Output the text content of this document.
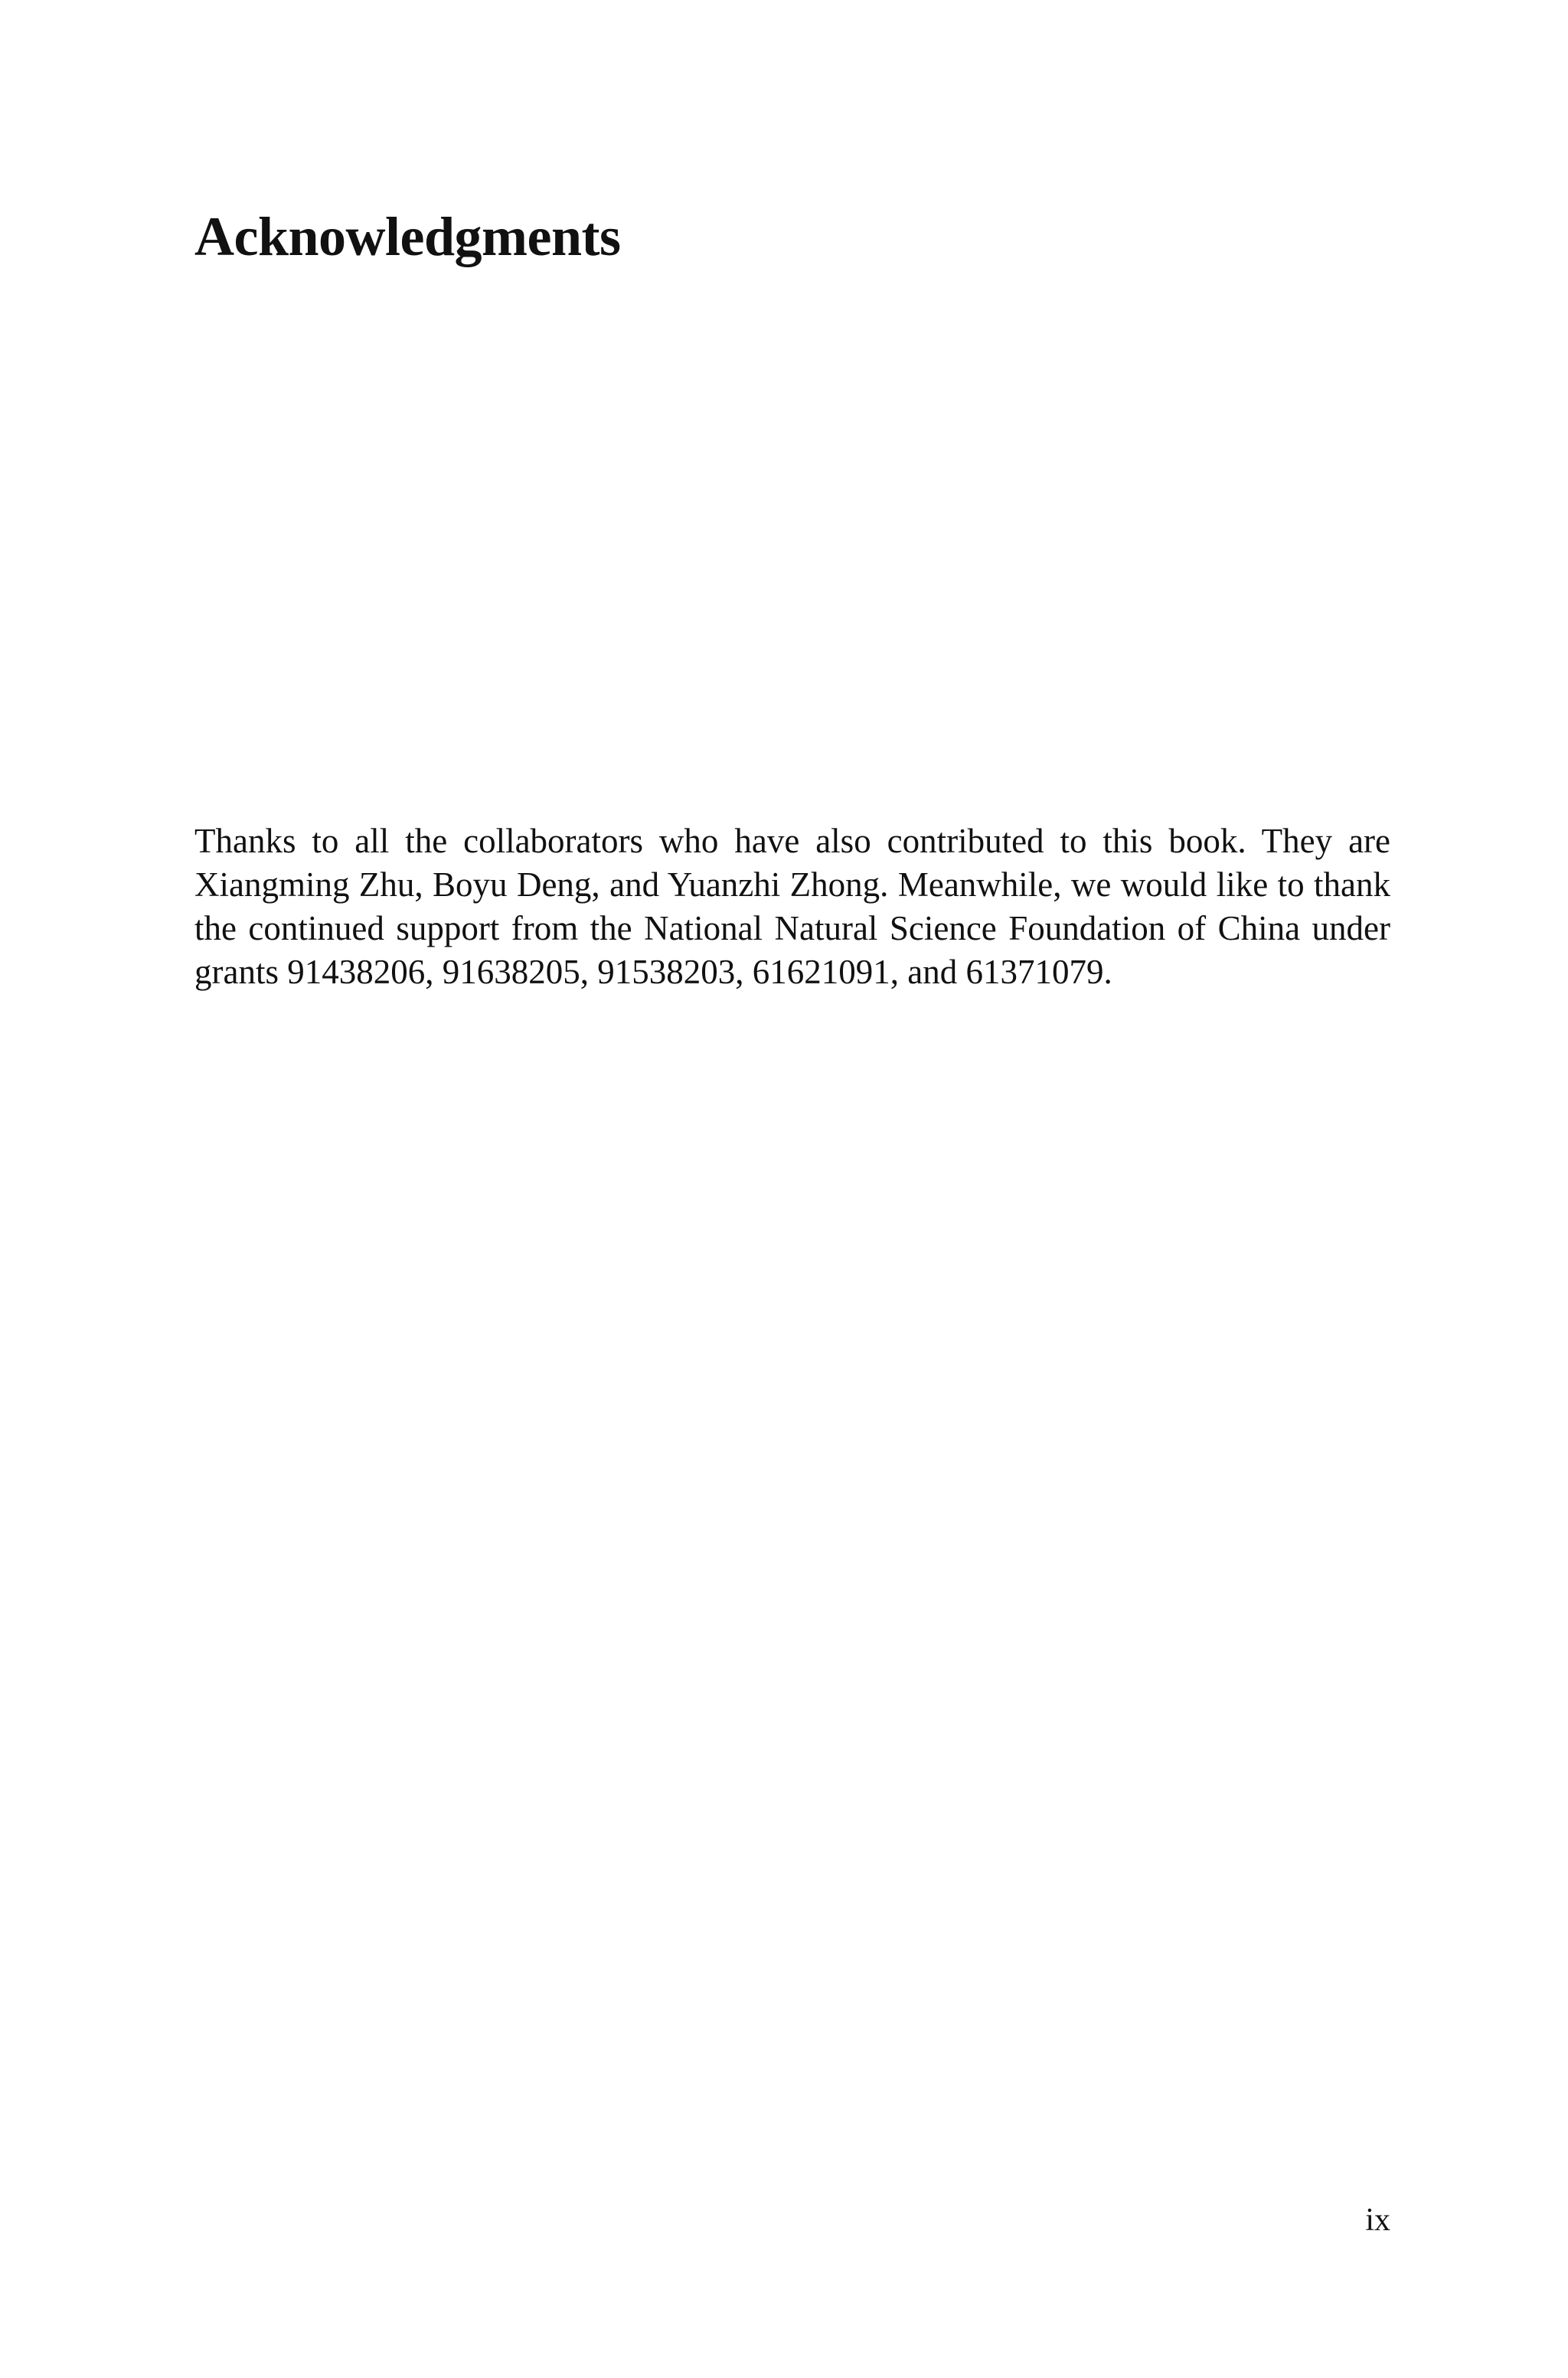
Acknowledgments

Thanks to all the collaborators who have also contributed to this book. They are Xiangming Zhu, Boyu Deng, and Yuanzhi Zhong. Meanwhile, we would like to thank the continued support from the National Natural Science Foundation of China under grants 91438206, 91638205, 91538203, 61621091, and 61371079.

ix
